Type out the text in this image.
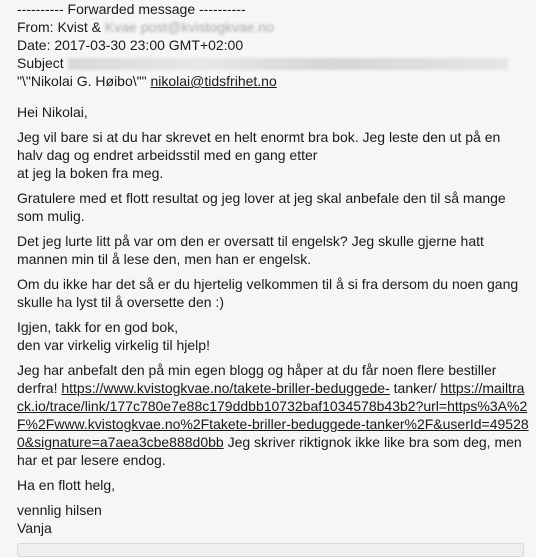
---------- Forwarded message ----------
From: Kvist & Kvae post@kvistogkvae.no
Date: 2017-03-30 23:00 GMT+02:00
Subject
"\"Nikolai G. Høibo\"" nikolai@tidsfrihet.no

Hei Nikolai,

Jeg vil bare si at du har skrevet en helt enormt bra bok. Jeg leste den ut på en halv dag og endret arbeidsstil med en gang etter
at jeg la boken fra meg.

Gratulere med et flott resultat og jeg lover at jeg skal anbefale den til så mange som mulig.

Det jeg lurte litt på var om den er oversatt til engelsk? Jeg skulle gjerne hatt mannen min til å lese den, men han er engelsk.

Om du ikke har det så er du hjertelig velkommen til å si fra dersom du noen gang skulle ha lyst til å oversette den :)

Igjen, takk for en god bok,
den var virkelig virkelig til hjelp!

Jeg har anbefalt den på min egen blogg og håper at du får noen flere bestiller derfra! https://www.kvistogkvae.no/takete-briller-beduggede- tanker/ https://mailtrack.io/trace/link/177c780e7e88c179ddbb10732baf1034578b43b2?url=https%3A%2F%2Fwww.kvistogkvae.no%2Ftakete-briller-beduggede-tanker%2F&userId=495280&signature=a7aea3cbe888d0bb Jeg skriver riktignok ikke like bra som deg, men har et par lesere endog.

Ha en flott helg,

vennlig hilsen
Vanja
